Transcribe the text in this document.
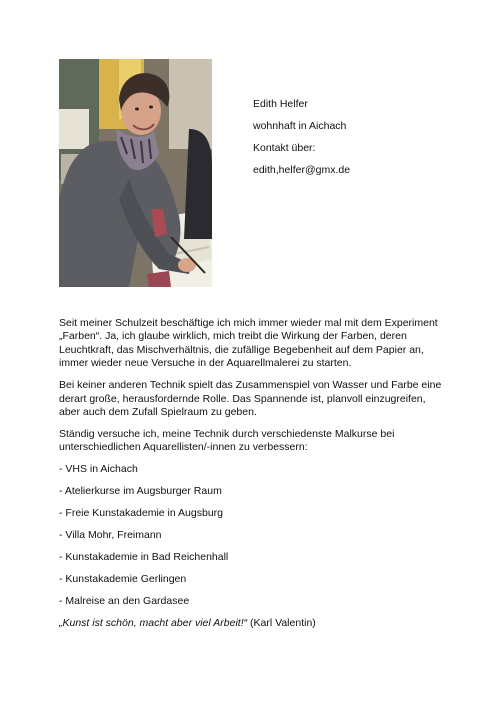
Edith Helfer
wohnhaft in Aichach
Kontakt über:
edith,helfer@gmx.de

Seit meiner Schulzeit beschäftige ich mich immer wieder mal mit dem Experiment „Farben“. Ja, ich glaube wirklich, mich treibt die Wirkung der Farben, deren Leuchtkraft, das Mischverhältnis, die zufällige Begebenheit auf dem Papier an, immer wieder neue Versuche in der Aquarellmalerei zu starten.

Bei keiner anderen Technik spielt das Zusammenspiel von Wasser und Farbe eine derart große, herausfordernde Rolle. Das Spannende ist, planvoll einzugreifen, aber auch dem Zufall Spielraum zu geben.

Ständig versuche ich, meine Technik durch verschiedenste Malkurse bei unterschiedlichen Aquarellisten/-innen zu verbessern:

- VHS in Aichach
- Atelierkurse im Augsburger Raum
- Freie Kunstakademie in Augsburg
- Villa Mohr, Freimann
- Kunstakademie in Bad Reichenhall
- Kunstakademie Gerlingen
- Malreise an den Gardasee

„Kunst ist schön, macht aber viel Arbeit!“ (Karl Valentin)
